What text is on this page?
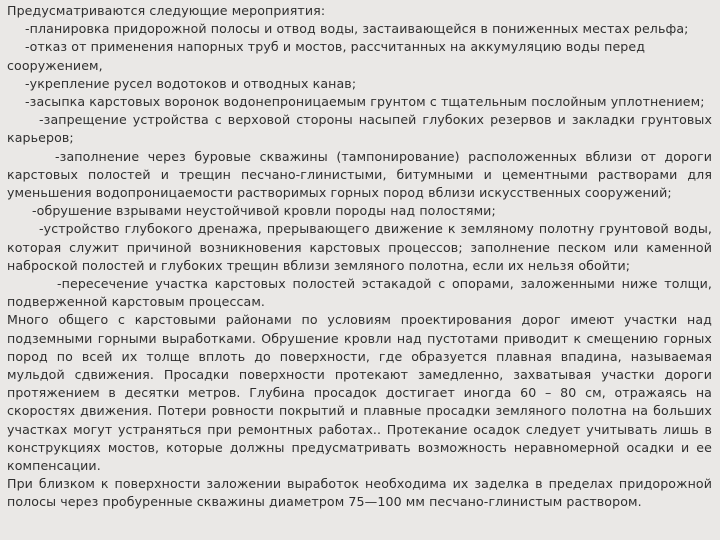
Предусматриваются следующие мероприятия:
-планировка придорожной полосы и отвод воды, застаивающейся в пониженных местах рельфа;
-отказ от применения напорных труб и мостов, рассчитанных на аккумуляцию воды перед
сооружением,
-укрепление русел водотоков и отводных канав;
-засыпка карстовых воронок водонепроницаемым грунтом с тщательным послойным уплотнением;
-запрещение устройства с верховой стороны насыпей глубоких резервов и закладки грунтовых
карьеров;
-заполнение через буровые скважины (тампонирование) расположенных вблизи от дороги
карстовых полостей и трещин песчано-глинистыми, битумными и цементными растворами для
уменьшения водопроницаемости растворимых горных пород вблизи искусственных сооружений;
-обрушение взрывами неустойчивой кровли породы над полостями;
-устройство глубокого дренажа, прерывающего движение к земляному полотну грунтовой воды,
которая служит причиной возникновения карстовых процессов; заполнение песком или каменной
наброской полостей и глубоких трещин вблизи земляного полотна, если их нельзя обойти;
-пересечение участка карстовых полостей эстакадой с опорами, заложенными ниже толщи,
подверженной карстовым процессам.
Много общего с карстовыми районами по условиям проектирования дорог имеют участки над
подземными горными выработками. Обрушение кровли над пустотами приводит к смещению горных
пород по всей их толще вплоть до поверхности, где образуется плавная впадина, называемая
мульдой сдвижения. Просадки поверхности протекают замедленно, захватывая участки дороги
протяжением в десятки метров. Глубина просадок достигает иногда 60 – 80 см, отражаясь на
скоростях движения. Потери ровности покрытий и плавные просадки земляного полотна на больших
участках могут устраняться при ремонтных работах.. Протекание осадок следует учитывать лишь в
конструкциях мостов, которые должны предусматривать возможность неравномерной осадки и ее
компенсации.
При близком к поверхности заложении выработок необходима их заделка в пределах придорожной
полосы через пробуренные скважины диаметром 75—100 мм песчано-глинистым раствором.
